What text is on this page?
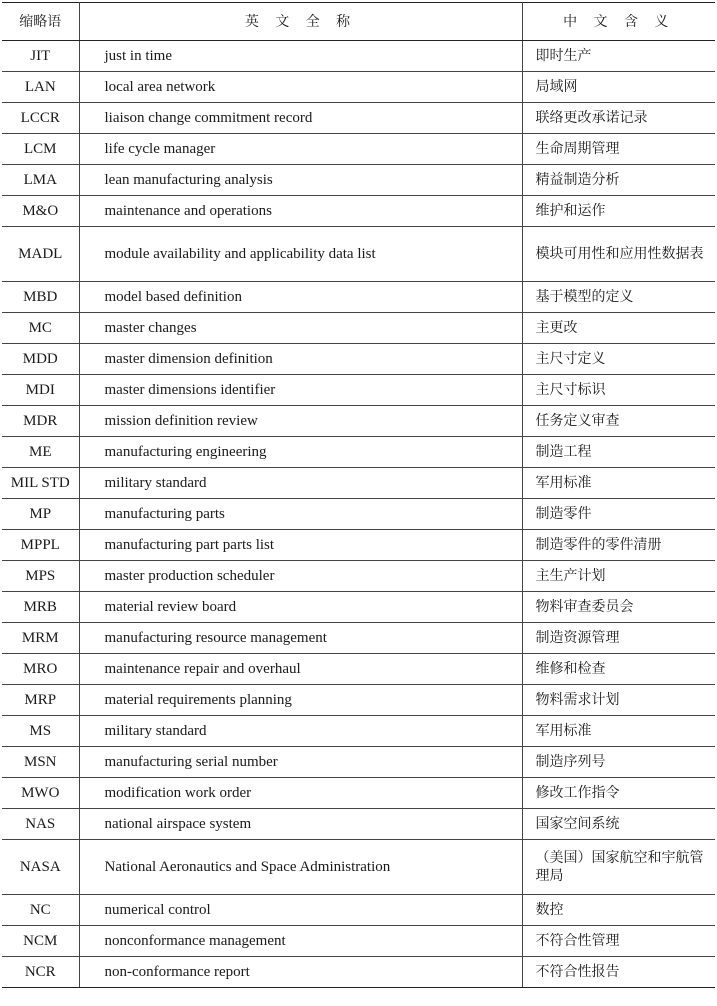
缩略语	英 文 全 称	中 文 含 义
JIT	just in time	即时生产
LAN	local area network	局域网
LCCR	liaison change commitment record	联络更改承诺记录
LCM	life cycle manager	生命周期管理
LMA	lean manufacturing analysis	精益制造分析
M&O	maintenance and operations	维护和运作
MADL	module availability and applicability data list	模块可用性和应用性数据表
MBD	model based definition	基于模型的定义
MC	master changes	主更改
MDD	master dimension definition	主尺寸定义
MDI	master dimensions identifier	主尺寸标识
MDR	mission definition review	任务定义审查
ME	manufacturing engineering	制造工程
MIL STD	military standard	军用标准
MP	manufacturing parts	制造零件
MPPL	manufacturing part parts list	制造零件的零件清册
MPS	master production scheduler	主生产计划
MRB	material review board	物料审查委员会
MRM	manufacturing resource management	制造资源管理
MRO	maintenance repair and overhaul	维修和检查
MRP	material requirements planning	物料需求计划
MS	military standard	军用标准
MSN	manufacturing serial number	制造序列号
MWO	modification work order	修改工作指令
NAS	national airspace system	国家空间系统
NASA	National Aeronautics and Space Administration	（美国）国家航空和宇航管理局
NC	numerical control	数控
NCM	nonconformance management	不符合性管理
NCR	non-conformance report	不符合性报告
